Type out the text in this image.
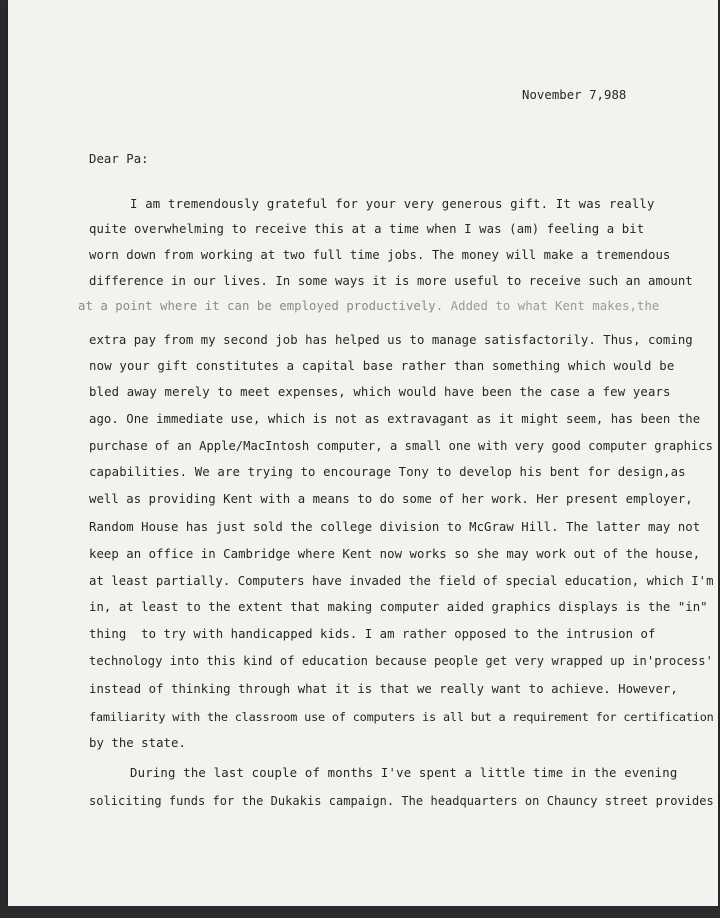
November 7,988
Dear Pa:
I am tremendously grateful for your very generous gift. It was really
quite overwhelming to receive this at a time when I was (am) feeling a bit
worn down from working at two full time jobs. The money will make a tremendous
difference in our lives. In some ways it is more useful to receive such an amount
at a point where it can be employed productively. Added to what Kent makes,the
extra pay from my second job has helped us to manage satisfactorily. Thus, coming
now your gift constitutes a capital base rather than something which would be
bled away merely to meet expenses, which would have been the case a few years
ago. One immediate use, which is not as extravagant as it might seem, has been the
purchase of an Apple/MacIntosh computer, a small one with very good computer graphics
capabilities. We are trying to encourage Tony to develop his bent for design,as
well as providing Kent with a means to do some of her work. Her present employer,
Random House has just sold the college division to McGraw Hill. The latter may not
keep an office in Cambridge where Kent now works so she may work out of the house,
at least partially. Computers have invaded the field of special education, which I'm
in, at least to the extent that making computer aided graphics displays is the "in"
thing  to try with handicapped kids. I am rather opposed to the intrusion of
technology into this kind of education because people get very wrapped up in'process'
instead of thinking through what it is that we really want to achieve. However,
familiarity with the classroom use of computers is all but a requirement for certification
by the state.
During the last couple of months I've spent a little time in the evening
soliciting funds for the Dukakis campaign. The headquarters on Chauncy street provides
